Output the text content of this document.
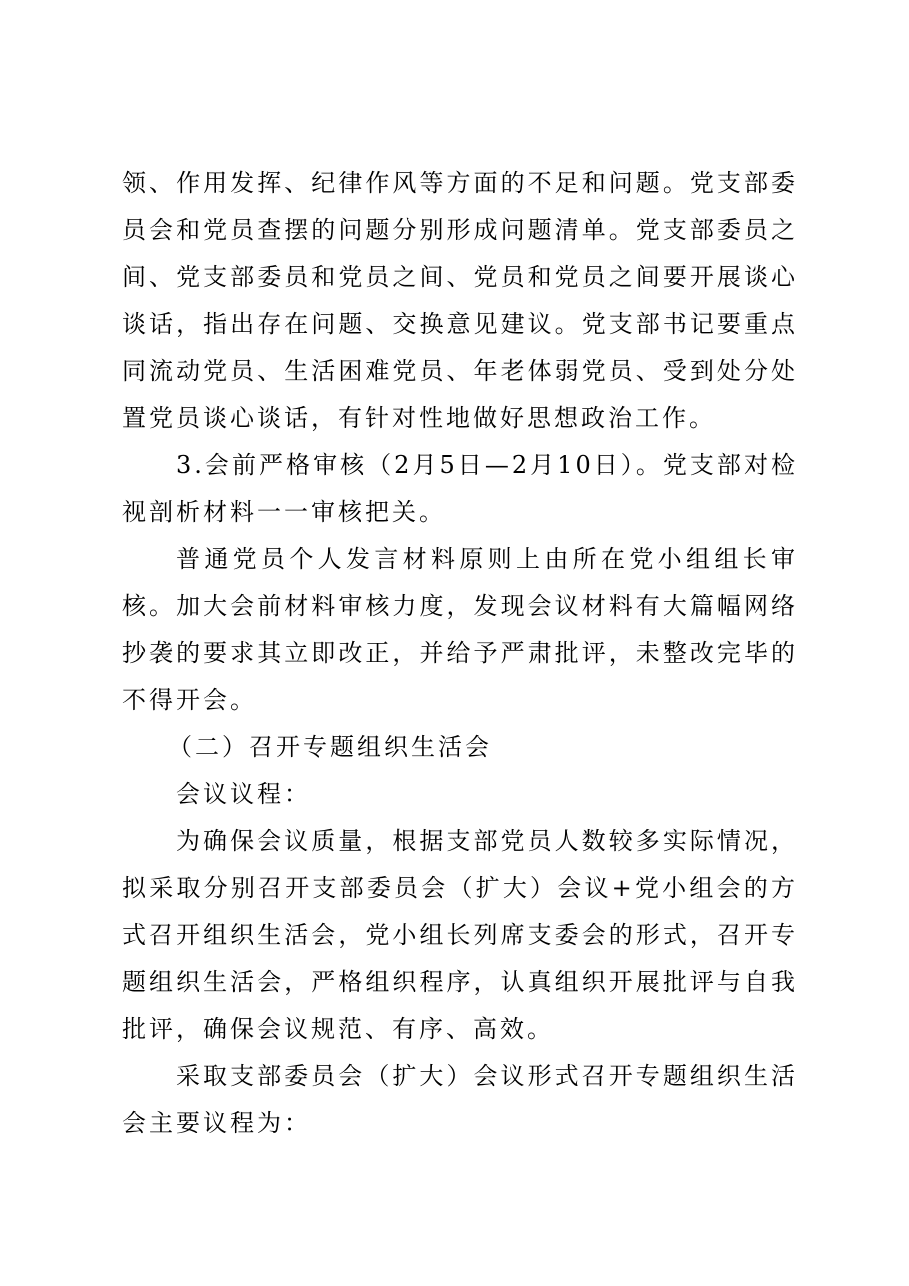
领、作用发挥、纪律作风等方面的不足和问题。党支部委员会和党员查摆的问题分别形成问题清单。党支部委员之间、党支部委员和党员之间、党员和党员之间要开展谈心谈话，指出存在问题、交换意见建议。党支部书记要重点同流动党员、生活困难党员、年老体弱党员、受到处分处置党员谈心谈话，有针对性地做好思想政治工作。

3.会前严格审核（2月5日—2月10日）。党支部对检视剖析材料一一审核把关。

普通党员个人发言材料原则上由所在党小组组长审核。加大会前材料审核力度，发现会议材料有大篇幅网络抄袭的要求其立即改正，并给予严肃批评，未整改完毕的不得开会。

（二）召开专题组织生活会

会议议程：

为确保会议质量，根据支部党员人数较多实际情况，拟采取分别召开支部委员会（扩大）会议+党小组会的方式召开组织生活会，党小组长列席支委会的形式，召开专题组织生活会，严格组织程序，认真组织开展批评与自我批评，确保会议规范、有序、高效。

采取支部委员会（扩大）会议形式召开专题组织生活会主要议程为：
